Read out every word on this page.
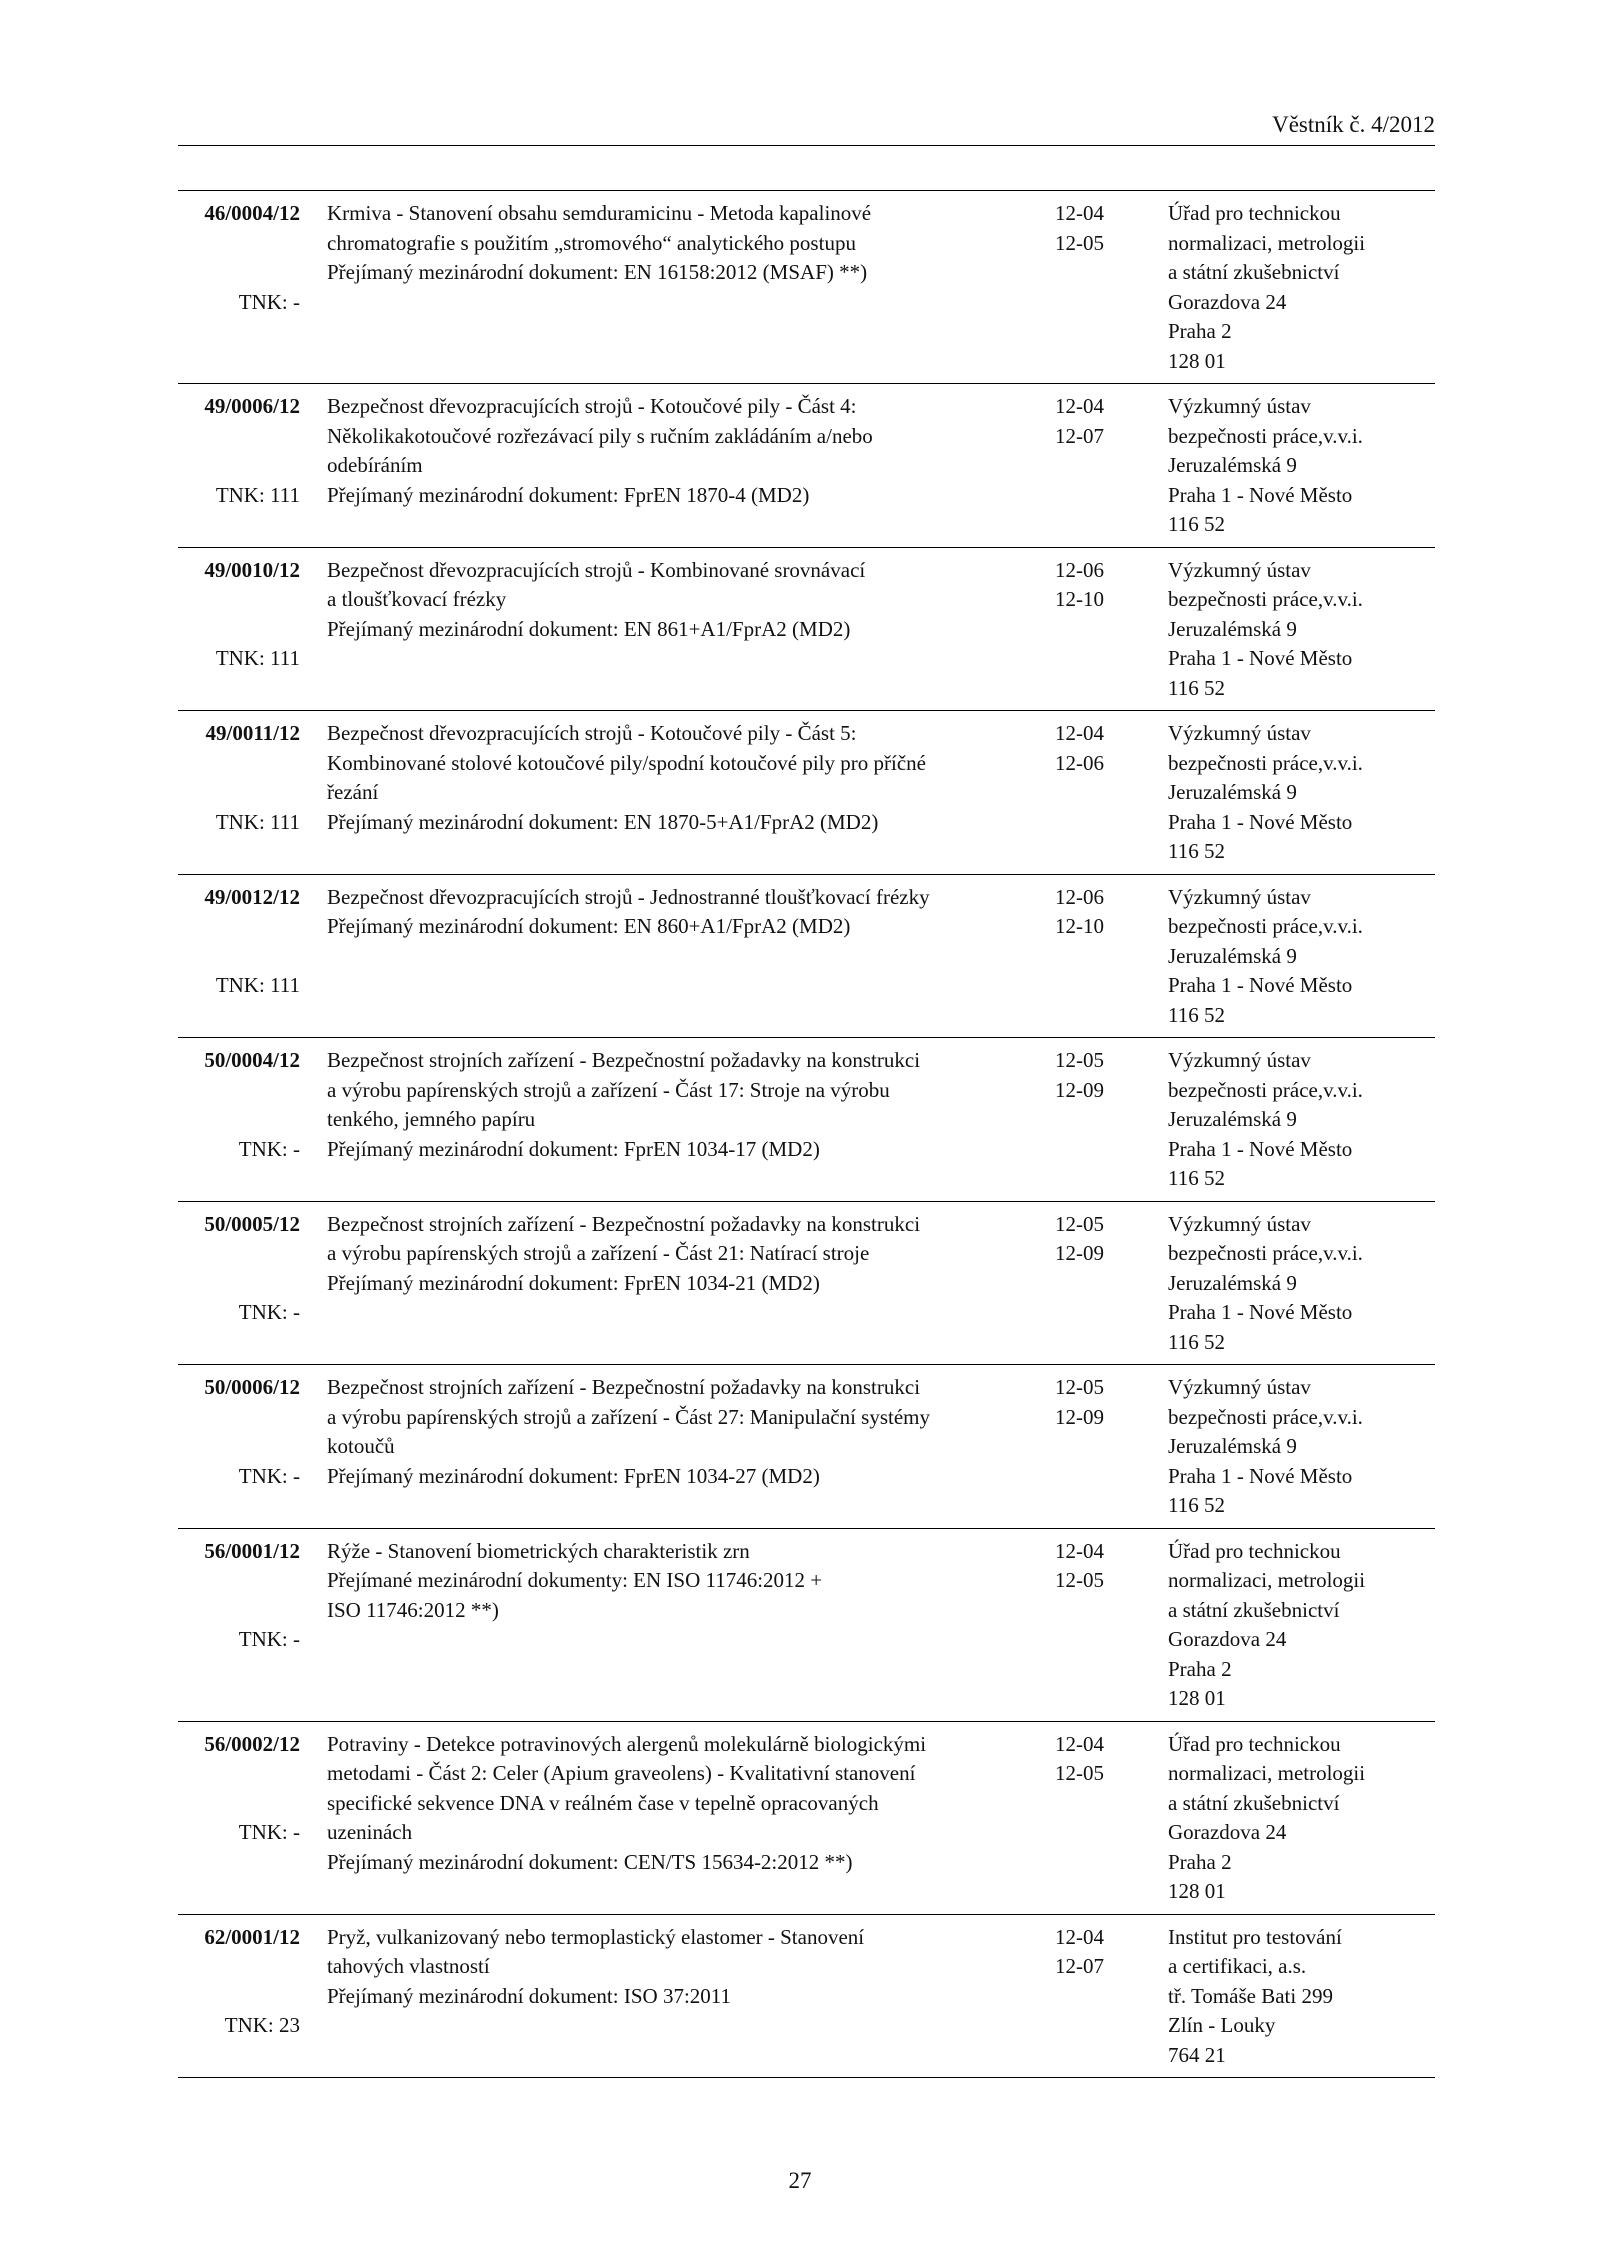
Věstník č. 4/2012
46/0004/12
TNK: -
Krmiva - Stanovení obsahu semduramicinu - Metoda kapalinové
chromatografie s použitím „stromového“ analytického postupu
Přejímaný mezinárodní dokument: EN 16158:2012 (MSAF) **)
12-04
12-05
Úřad pro technickou
normalizaci, metrologii
a státní zkušebnictví
Gorazdova 24
Praha 2
128 01
49/0006/12
TNK: 111
Bezpečnost dřevozpracujících strojů - Kotoučové pily - Část 4:
Několikakotoučové rozřezávací pily s ručním zakládáním a/nebo
odebíráním
Přejímaný mezinárodní dokument: FprEN 1870-4 (MD2)
12-04
12-07
Výzkumný ústav
bezpečnosti práce,v.v.i.
Jeruzalémská 9
Praha 1 - Nové Město
116 52
49/0010/12
TNK: 111
Bezpečnost dřevozpracujících strojů - Kombinované srovnávací
a tloušťkovací frézky
Přejímaný mezinárodní dokument: EN 861+A1/FprA2 (MD2)
12-06
12-10
Výzkumný ústav
bezpečnosti práce,v.v.i.
Jeruzalémská 9
Praha 1 - Nové Město
116 52
49/0011/12
TNK: 111
Bezpečnost dřevozpracujících strojů - Kotoučové pily - Část 5:
Kombinované stolové kotoučové pily/spodní kotoučové pily pro příčné
řezání
Přejímaný mezinárodní dokument: EN 1870-5+A1/FprA2 (MD2)
12-04
12-06
Výzkumný ústav
bezpečnosti práce,v.v.i.
Jeruzalémská 9
Praha 1 - Nové Město
116 52
49/0012/12
TNK: 111
Bezpečnost dřevozpracujících strojů - Jednostranné tloušťkovací frézky
Přejímaný mezinárodní dokument: EN 860+A1/FprA2 (MD2)
12-06
12-10
Výzkumný ústav
bezpečnosti práce,v.v.i.
Jeruzalémská 9
Praha 1 - Nové Město
116 52
50/0004/12
TNK: -
Bezpečnost strojních zařízení - Bezpečnostní požadavky na konstrukci
a výrobu papírenských strojů a zařízení - Část 17: Stroje na výrobu
tenkého, jemného papíru
Přejímaný mezinárodní dokument: FprEN 1034-17 (MD2)
12-05
12-09
Výzkumný ústav
bezpečnosti práce,v.v.i.
Jeruzalémská 9
Praha 1 - Nové Město
116 52
50/0005/12
TNK: -
Bezpečnost strojních zařízení - Bezpečnostní požadavky na konstrukci
a výrobu papírenských strojů a zařízení - Část 21: Natírací stroje
Přejímaný mezinárodní dokument: FprEN 1034-21 (MD2)
12-05
12-09
Výzkumný ústav
bezpečnosti práce,v.v.i.
Jeruzalémská 9
Praha 1 - Nové Město
116 52
50/0006/12
TNK: -
Bezpečnost strojních zařízení - Bezpečnostní požadavky na konstrukci
a výrobu papírenských strojů a zařízení - Část 27: Manipulační systémy
kotoučů
Přejímaný mezinárodní dokument: FprEN 1034-27 (MD2)
12-05
12-09
Výzkumný ústav
bezpečnosti práce,v.v.i.
Jeruzalémská 9
Praha 1 - Nové Město
116 52
56/0001/12
TNK: -
Rýže - Stanovení biometrických charakteristik zrn
Přejímané mezinárodní dokumenty: EN ISO 11746:2012 +
ISO 11746:2012 **)
12-04
12-05
Úřad pro technickou
normalizaci, metrologii
a státní zkušebnictví
Gorazdova 24
Praha 2
128 01
56/0002/12
TNK: -
Potraviny - Detekce potravinových alergenů molekulárně biologickými
metodami - Část 2: Celer (Apium graveolens) - Kvalitativní stanovení
specifické sekvence DNA v reálném čase v tepelně opracovaných
uzeninách
Přejímaný mezinárodní dokument: CEN/TS 15634-2:2012 **)
12-04
12-05
Úřad pro technickou
normalizaci, metrologii
a státní zkušebnictví
Gorazdova 24
Praha 2
128 01
62/0001/12
TNK: 23
Pryž, vulkanizovaný nebo termoplastický elastomer - Stanovení
tahových vlastností
Přejímaný mezinárodní dokument: ISO 37:2011
12-04
12-07
Institut pro testování
a certifikaci, a.s.
tř. Tomáše Bati 299
Zlín - Louky
764 21
27
